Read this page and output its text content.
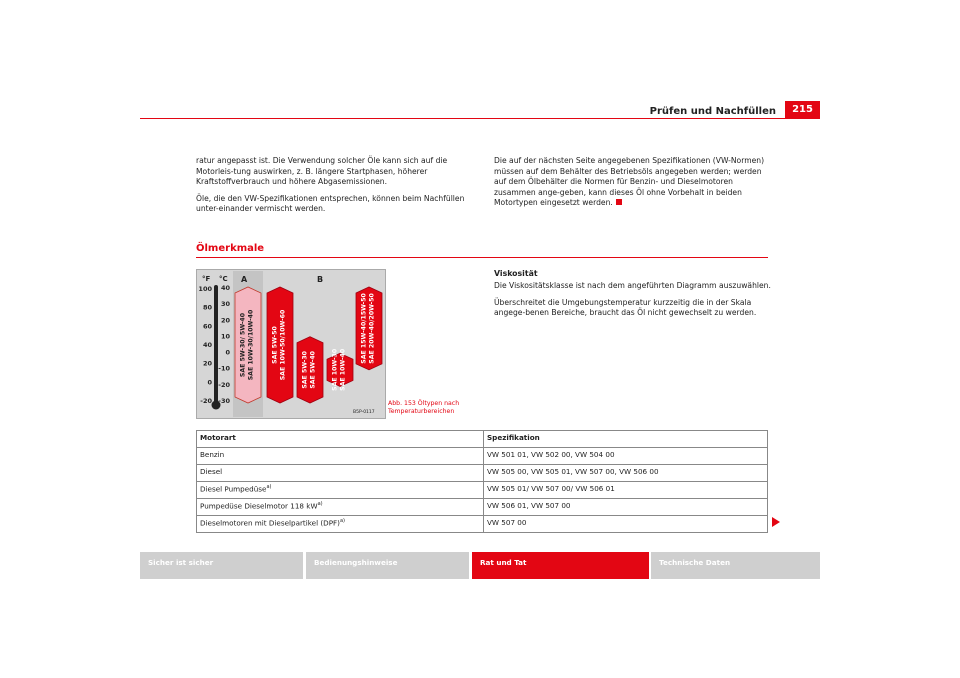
Prüfen und Nachfüllen	215

ratur angepasst ist. Die Verwendung solcher Öle kann sich auf die Motorleis-tung auswirken, z. B. längere Startphasen, höherer Kraftstoffverbrauch und höhere Abgasemissionen.

Öle, die den VW-Spezifikationen entsprechen, können beim Nachfüllen unter-einander vermischt werden.

Die auf der nächsten Seite angegebenen Spezifikationen (VW-Normen) müssen auf dem Behälter des Betriebsöls angegeben werden; werden auf dem Ölbehälter die Normen für Benzin- und Dieselmotoren zusammen ange-geben, kann dieses Öl ohne Vorbehalt in beiden Motortypen eingesetzt werden.

Ölmerkmale
°F °C A	B
100
80
60
40
20
0
-20
40
30
20
10
0
-10
-20
-30
SAE 5W-30/ 5W-40 SAE 10W-30/10W-40	SAE 5W-50 SAE 10W-50/10W-60 SAE 5W-30 SAE 5W-40 SAE 10W-30 SAE 10W-40
SAE 15W-40/15W-50 SAE 20W-40/20W-50
B5P-0117
Abb. 153 Öltypen nach
Temperaturbereichen
Viskosität

Die Viskositätsklasse ist nach dem angeführten Diagramm auszuwählen.

Überschreitet die Umgebungstemperatur kurzzeitig die in der Skala angege-benen Bereiche, braucht das Öl nicht gewechselt zu werden.

Motorart	Spezifikation
Benzin	VW 501 01, VW 502 00, VW 504 00
Diesel	VW 505 00, VW 505 01, VW 507 00, VW 506 00
Diesel Pumpedüse$^{a)}$	VW 505 01/ VW 507 00/ VW 506 01
Pumpedüse Dieselmotor 118 $kW^{a)}$	VW 506 01, VW 507 00
Dieselmotoren mit Dieselpartikel (DPF)$^{a)}$	VW 507 00
Sicher ist sicher	Bedienungshinweise	Rat und Tat	Technische Daten
